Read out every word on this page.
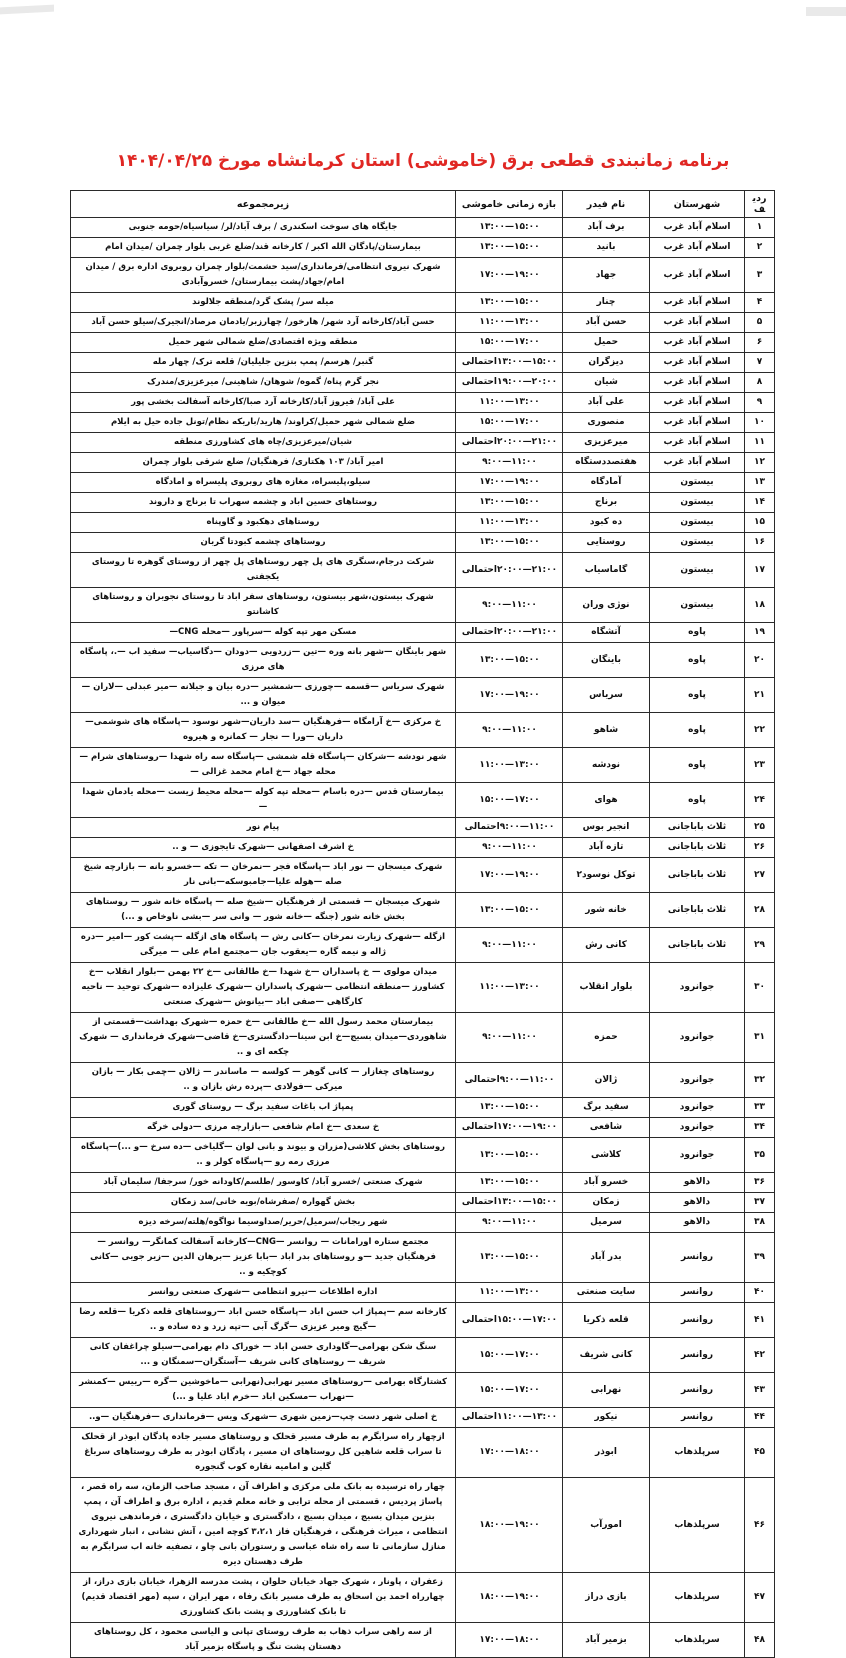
برنامه زمانبندی قطعی برق (خاموشی) استان کرمانشاه مورخ ۱۴۰۴/۰۴/۲۵
ردیف	شهرستان	نام فیدر	بازه زمانی خاموشی	زیرمجموعه
۱	اسلام آباد غرب	برف آباد	۱۳:۰۰—۱۵:۰۰	جایگاه های سوخت اسکندری / برف آباد/لر/ سیاسیاه/حومه جنوبی
۲	اسلام آباد غرب	بانید	۱۳:۰۰—۱۵:۰۰	بیمارستان/پادگان الله اکبر / کارخانه قند/ضلع غربی بلوار چمران /میدان امام
۳	اسلام آباد غرب	جهاد	۱۷:۰۰—۱۹:۰۰	شهرک نیروی انتظامی/فرمانداری/سید حشمت/بلوار چمران روبروی اداره برق / میدان امام/جهاد/پشت بیمارستان/ خسروآبادی
۴	اسلام آباد غرب	چنار	۱۳:۰۰—۱۵:۰۰	میله سر/ پشک گرد/منطقه جلالوند
۵	اسلام آباد غرب	حسن آباد	۱۱:۰۰—۱۳:۰۰	حسن آباد/کارخانه آرد شهر/ هارخور/ چهارزبر/یادمان مرصاد/انجیرک/سیلو حسن آباد
۶	اسلام آباد غرب	حمیل	۱۵:۰۰—۱۷:۰۰	منطقه ویژه اقتصادی/ضلع شمالی شهر حمیل
۷	اسلام آباد غرب	دیزگران	۱۳:۰۰—۱۵:۰۰احتمالی	گنبر/ هرسم/ پمپ بنزین جلیلیان/ قلعه ترک/ چهار مله
۸	اسلام آباد غرب	شیان	۱۹:۰۰—۲۰:۰۰احتمالی	نجر گرم پناه/ گموه/ شوهان/ شاهینی/ میرعزیزی/مندرک
۹	اسلام آباد غرب	علی آباد	۱۱:۰۰—۱۳:۰۰	علی آباد/ فیروز آباد/کارخانه آرد صبا/کارخانه آسفالت بخشی پور
۱۰	اسلام آباد غرب	منصوری	۱۵:۰۰—۱۷:۰۰	ضلع شمالی شهر حمیل/کراوند/ هارید/باریکه نظام/تونل جاده حیل به ایلام
۱۱	اسلام آباد غرب	میرعزیزی	۲۰:۰۰—۲۱:۰۰احتمالی	شیان/میرعزیزی/چاه های کشاورزی منطقه
۱۲	اسلام آباد غرب	هفتصددستگاه	۹:۰۰—۱۱:۰۰	امیر آباد/ ۱۰۳ هکتاری/ فرهنگیان/ ضلع شرقی بلوار چمران
۱۳	بیستون	آمادگاه	۱۷:۰۰—۱۹:۰۰	سیلو،پلیسراه، مغازه های روبروی پلیسراه و امادگاه
۱۴	بیستون	برناج	۱۳:۰۰—۱۵:۰۰	روستاهای حسین اباد و چشمه سهراب تا برناج و داروند
۱۵	بیستون	ده کبود	۱۱:۰۰—۱۳:۰۰	روستاهای دهکبود و گاوپناه
۱۶	بیستون	روستایی	۱۳:۰۰—۱۵:۰۰	روستاهای چشمه کبودتا گربان
۱۷	بیستون	گاماسیاب	۲۰:۰۰—۲۱:۰۰احتمالی	شرکت درجام،سنگری های پل چهر روستاهای پل چهر از روستای گوهره تا روستای یکجفتی
۱۸	بیستون	نوژی وران	۹:۰۰—۱۱:۰۰	شهرک بیستون،شهر بیستون، روستاهای سفر اباد تا روستای نجوبران و روستاهای کاشانتو
۱۹	پاوه	آتشگاه	۲۰:۰۰—۲۱:۰۰احتمالی	مسکن مهر تپه کوله —سرپاور —محله CNG—
۲۰	پاوه	باینگان	۱۳:۰۰—۱۵:۰۰	شهر باینگان —شهر بانه وره —تین —زردویی —دودان —دگاسیاب— سفید اب —.، پاسگاه های مرزی
۲۱	پاوه	سریاس	۱۷:۰۰—۱۹:۰۰	شهرک سریاس —قسمه —چورزی —شمشیر —دره بیان و جیلانه —میر عبدلی —لاران —میوان و ...
۲۲	پاوه	شاهو	۹:۰۰—۱۱:۰۰	خ مرکزی —خ آرامگاه —فرهنگیان —سد داریان—شهر نوسود —پاسگاه های شوشمی—داریان —ورا — نجار — کمانره و هیروه
۲۳	پاوه	نودشه	۱۱:۰۰—۱۳:۰۰	شهر نودشه —شرکان —پاسگاه قله شمشی —پاسگاه سه راه شهدا —روستاهای شرام —محله جهاد —خ امام محمد غزالی —
۲۴	پاوه	هوای	۱۵:۰۰—۱۷:۰۰	بیمارستان قدس —دره باسام —محله تپه کوله —محله محیط زیست —محله یادمان شهدا —
۲۵	ثلاث باباجانی	انجیر بوس	۹:۰۰—۱۱:۰۰احتمالی	پیام نور
۲۶	ثلاث باباجانی	تازه آباد	۹:۰۰—۱۱:۰۰	خ اشرف اصفهانی —شهرک تایجوزی — و ..
۲۷	ثلاث باباجانی	توکل نوسود۲	۱۷:۰۰—۱۹:۰۰	شهرک میسجان — نور اباد —پاسگاه فجر —نمرخان — تکه —خسرو بانه — بازارچه شیخ صله —هوله علیا—جامبوسکه—بانی نار
۲۸	ثلاث باباجانی	خانه شور	۱۳:۰۰—۱۵:۰۰	شهرک میسجان — قسمتی از فرهنگیان —شیخ صله — پاسگاه خانه شور — روستاهای بخش خانه شور (جنگه —خانه شور — وانی سر —بشی ناوخاص و ...)
۲۹	ثلاث باباجانی	کانی رش	۹:۰۰—۱۱:۰۰	ازگله —شهرک زیارت نمرخان —کانی رش — پاسگاه های ازگله —پشت کور —امیر —دره ژاله و نیمه گاره —یعقوب جان —مجتمع امام علی — میرگی
۳۰	جوانرود	بلوار انقلاب	۱۱:۰۰—۱۳:۰۰	میدان مولوی — خ پاسداران —خ شهدا —خ طالقانی —خ ۲۲ بهمن —بلوار انقلاب —خ کشاورز —منطقه انتظامی —شهرک پاسداران —شهرک علیزاده —شهرک توحید — ناحیه کارگاهی —صفی اباد —بیانوش —شهرک صنعتی
۳۱	جوانرود	حمزه	۹:۰۰—۱۱:۰۰	بیمارستان محمد رسول الله —خ طالقانی —خ حمزه —شهرک بهداشت—قسمتی از شاهوردی—میدان بسیج—خ ابن سینا—دادگستری—خ قاضی—شهرک فرمانداری — شهرک چکعه ای و ..
۳۲	جوانرود	ژالان	۹:۰۰—۱۱:۰۰احتمالی	روستاهای چغازار — کانی گوهر — کولسه — ماساندر — ژالان —چمی بکار — بازان میرکی —فولادی —پرده رش بازان و ..
۳۳	جوانرود	سفید برگ	۱۳:۰۰—۱۵:۰۰	پمپاژ اب باغات سفید برگ — روستای گوری
۳۴	جوانرود	شافعی	۱۷:۰۰—۱۹:۰۰احتمالی	خ سعدی —خ امام شافعی —بازارچه مرزی —دولی خرگه
۳۵	جوانرود	کلاشی	۱۳:۰۰—۱۵:۰۰	روستاهای بخش کلاشی(مزران و بیوند و بانی لوان —گلیاخی —ده سرخ —و ...)—پاسگاه مرزی رمه رو —پاسگاه کولر و ..
۳۶	دالاهو	خسرو آباد	۱۳:۰۰—۱۵:۰۰	شهرک صنعتی /خسرو آباد/ کاوسور /طلسم/کاودانه خور/ سرجفا/ سلیمان آباد
۳۷	دالاهو	زمکان	۱۳:۰۰—۱۵:۰۰احتمالی	بخش گهواره /صفرشاه/بویه خانی/سد زمکان
۳۸	دالاهو	سرمیل	۹:۰۰—۱۱:۰۰	شهر ریجاب/سرمیل/حریر/صداوسیما نواگوه/هلته/سرخه دیزه
۳۹	روانسر	بدر آباد	۱۳:۰۰—۱۵:۰۰	مجتمع ستاره اورامانات — روانسر —CNG—کارخانه آسفالت کمانگر— روانسر — فرهنگیان جدید —و روستاهای بدر اباد —بابا عزیز —برهان الدین —زیر جویی —کانی کوچکیه و ..
۴۰	روانسر	سایت صنعتی	۱۱:۰۰—۱۳:۰۰	اداره اطلاعات —نیرو انتظامی —شهرک صنعتی روانسر
۴۱	روانسر	قلعه ذکریا	۱۵:۰۰—۱۷:۰۰احتمالی	کارخانه سم —پمپاژ اب حسن اباد —پاسگاه حسن اباد —روستاهای قلعه ذکریا —قلعه رضا —گیج ومیر عزیزی —گرگ آبی —تپه زرد و ده ساده و ..
۴۲	روانسر	کانی شریف	۱۵:۰۰—۱۷:۰۰	سنگ شکن بهرامی—گاوداری حسن اباد — خوراک دام بهرامی—سیلو چراغفان کانی شریف — روستاهای کانی شریف —آستگران—سمنگان و ...
۴۳	روانسر	نهرابی	۱۵:۰۰—۱۷:۰۰	کشتارگاه بهرامی —روستاهای مسیر نهرابی(نهرابی —ماخوشین —گره —رییس —کمنشر —نهراب —مسکین اباد —خرم اباد علیا و ...)
۴۴	روانسر	نیکور	۱۱:۰۰—۱۳:۰۰احتمالی	خ اصلی شهر دست چپ—زمین شهری —شهرک ویس —فرمانداری —فرهنگیان —و..
۴۵	سرپلذهاب	ابوذر	۱۷:۰۰—۱۸:۰۰	ازچهار راه سرابگرم به طرف مسیر قحلک و روستاهای مسیر جاده پادگان ابوذر از قحلک تا سراب قلعه شاهین کل روستاهای ان مسیر ، پادگان ابوذر به طرف روستاهای سرباغ گلین و امامیه نقاره کوب گنجوره
۴۶	سرپلذهاب	امورآب	۱۸:۰۰—۱۹:۰۰	چهار راه ترسیده به بانک ملی مرکزی و اطراف آن ، مسجد صاحب الزمان، سه راه قصر ، پاساژ پردیس ، قسمتی از محله ترابی و خانه معلم قدیم ، اداره برق و اطراف آن ، پمپ بنزین میدان بسیج ، میدان بسیج ، دادگستری و خیابان دادگستری ، فرماندهی نیروی انتظامی ، میراث فرهنگی ، فرهنگیان فاز ۳،۲،۱ کوچه امین ، آتش نشانی ، انبار شهرداری منازل سازمانی تا سه راه شاه عباسی و رستوران بانی چاو ، تصفیه خانه اب سرابگرم به طرف دهستان دیره
۴۷	سرپلذهاب	بازی دراز	۱۸:۰۰—۱۹:۰۰	زعفران ، پاونار ، شهرک جهاد خیابان حلوان ، پشت مدرسه الزهرا، خیابان بازی دراز، از چهارراه احمد بن اسحاق به طرف مسیر بانک رفاه ، مهر ایران ، سپه (مهر اقتصاد قدیم) تا بانک کشاورزی و پشت بانک کشاورزی
۴۸	سرپلذهاب	بزمیر آباد	۱۷:۰۰—۱۸:۰۰	از سه راهی سراب ذهاب به طرف روستای تپانی و الیاسی محمود ، کل روستاهای دهستان پشت تنگ و پاسگاه بزمیر آباد
